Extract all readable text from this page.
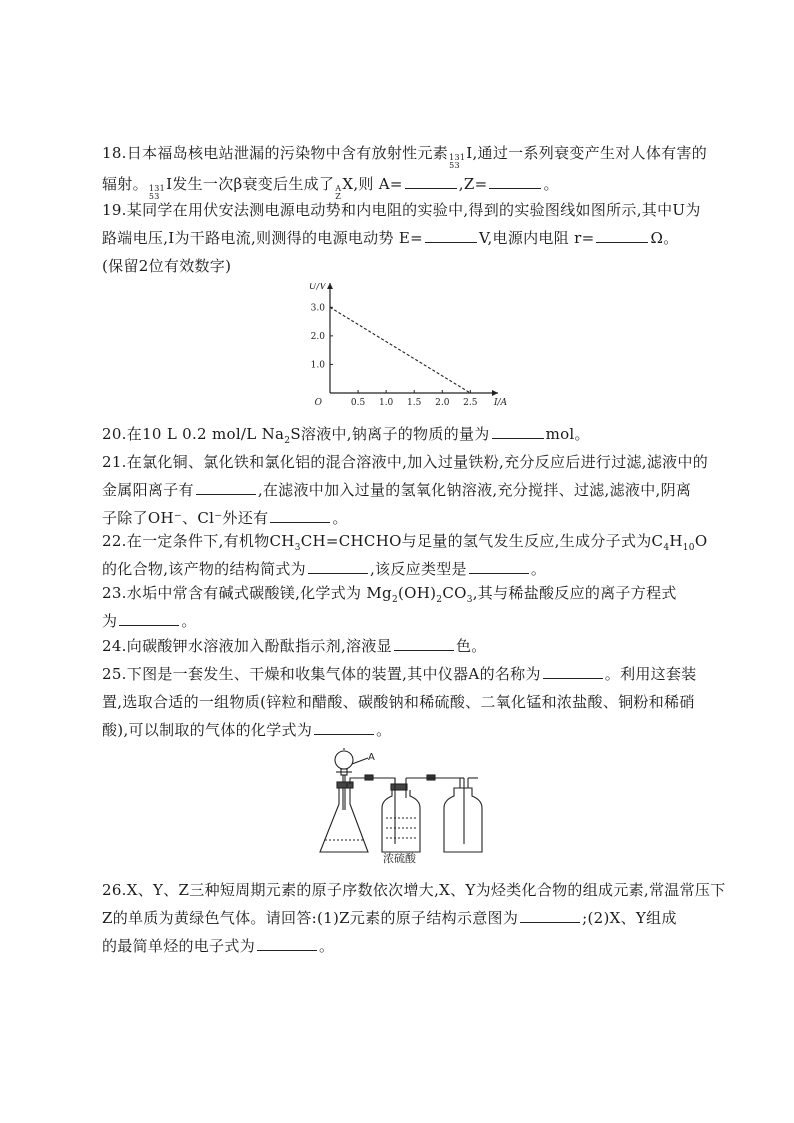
18.日本福岛核电站泄漏的污染物中含有放射性元素 131
53
I,通过一系列衰变产生对人体有害的

辐射。 131
53
I发生一次β衰变后生成了 A
Z
X,则 A=	,Z=	。

19.某同学在用伏安法测电源电动势和内电阻的实验中,得到的实验图线如图所示,其中U为

路端电压,I为干路电流,则测得的电源电动势 E=	V,电源内电阻 r=	Ω。

(保留2位有效数字)

0.5 1.0 1.5 2.0 2.5
1.0
2.0
3.0
O	I/A
U/V

20.在10 L 0.2 mol/L $Na_2S$溶液中,钠离子的物质的量为	mol。

21.在氯化铜、氯化铁和氯化铝的混合溶液中,加入过量铁粉,充分反应后进行过滤,滤液中的

金属阳离子有	,在滤液中加入过量的氢氧化钠溶液,充分搅拌、过滤,滤液中,阴离

子除了OH⁻、Cl⁻外还有	。

22.在一定条件下,有机物$CH_3CH=CHCHO$与足量的氢气发生反应,生成分子式为$C_4H_{10}O$

的化合物,该产物的结构简式为	,该反应类型是	。

23.水垢中常含有碱式碳酸镁,化学式为 $Mg_2(OH)_2CO_3$,其与稀盐酸反应的离子方程式

为	。

24.向碳酸钾水溶液加入酚酞指示剂,溶液显	色。

25.下图是一套发生、干燥和收集气体的装置,其中仪器A的名称为	。利用这套装

置,选取合适的一组物质(锌粒和醋酸、碳酸钠和稀硫酸、二氧化锰和浓盐酸、铜粉和稀硝

酸),可以制取的气体的化学式为	。

A
浓硫酸

26.X、Y、Z三种短周期元素的原子序数依次增大,X、Y为烃类化合物的组成元素,常温常压下

Z的单质为黄绿色气体。请回答:(1)Z元素的原子结构示意图为	;(2)X、Y组成

的最简单烃的电子式为	。
